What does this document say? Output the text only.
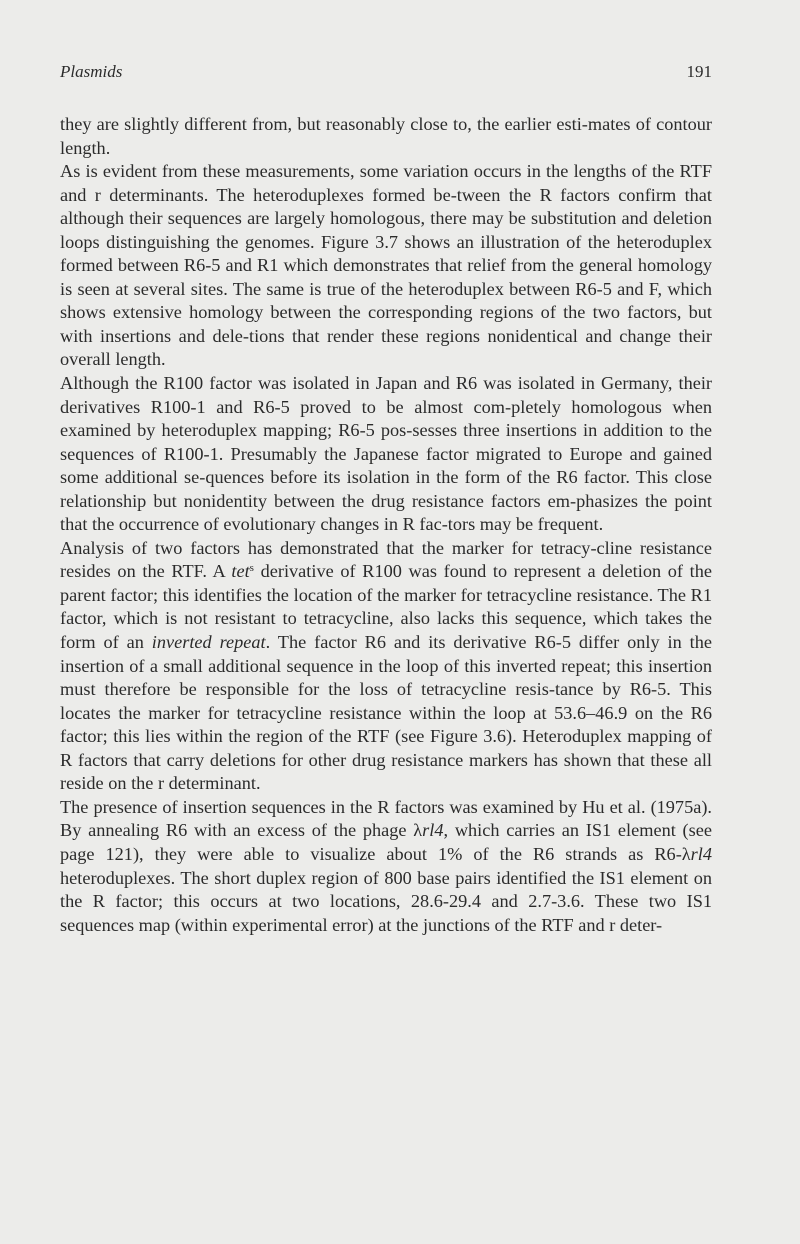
Plasmids	191

they are slightly different from, but reasonably close to, the earlier esti-mates of contour length.

As is evident from these measurements, some variation occurs in the lengths of the RTF and r determinants. The heteroduplexes formed be-tween the R factors confirm that although their sequences are largely homologous, there may be substitution and deletion loops distinguishing the genomes. Figure 3.7 shows an illustration of the heteroduplex formed between R6-5 and R1 which demonstrates that relief from the general homology is seen at several sites. The same is true of the heteroduplex between R6-5 and F, which shows extensive homology between the corresponding regions of the two factors, but with insertions and dele-tions that render these regions nonidentical and change their overall length.

Although the R100 factor was isolated in Japan and R6 was isolated in Germany, their derivatives R100-1 and R6-5 proved to be almost com-pletely homologous when examined by heteroduplex mapping; R6-5 pos-sesses three insertions in addition to the sequences of R100-1. Presumably the Japanese factor migrated to Europe and gained some additional se-quences before its isolation in the form of the R6 factor. This close relationship but nonidentity between the drug resistance factors em-phasizes the point that the occurrence of evolutionary changes in R fac-tors may be frequent.

Analysis of two factors has demonstrated that the marker for tetracy-cline resistance resides on the RTF. A tet$^s$ derivative of R100 was found to represent a deletion of the parent factor; this identifies the location of the marker for tetracycline resistance. The R1 factor, which is not resistant to tetracycline, also lacks this sequence, which takes the form of an inverted repeat. The factor R6 and its derivative R6-5 differ only in the insertion of a small additional sequence in the loop of this inverted repeat; this insertion must therefore be responsible for the loss of tetracycline resis-tance by R6-5. This locates the marker for tetracycline resistance within the loop at 53.6–46.9 on the R6 factor; this lies within the region of the RTF (see Figure 3.6). Heteroduplex mapping of R factors that carry deletions for other drug resistance markers has shown that these all reside on the r determinant.

The presence of insertion sequences in the R factors was examined by Hu et al. (1975a). By annealing R6 with an excess of the phage λrl4, which carries an IS1 element (see page 121), they were able to visualize about 1% of the R6 strands as R6-λrl4 heteroduplexes. The short duplex region of 800 base pairs identified the IS1 element on the R factor; this occurs at two locations, 28.6-29.4 and 2.7-3.6. These two IS1 sequences map (within experimental error) at the junctions of the RTF and r deter-
